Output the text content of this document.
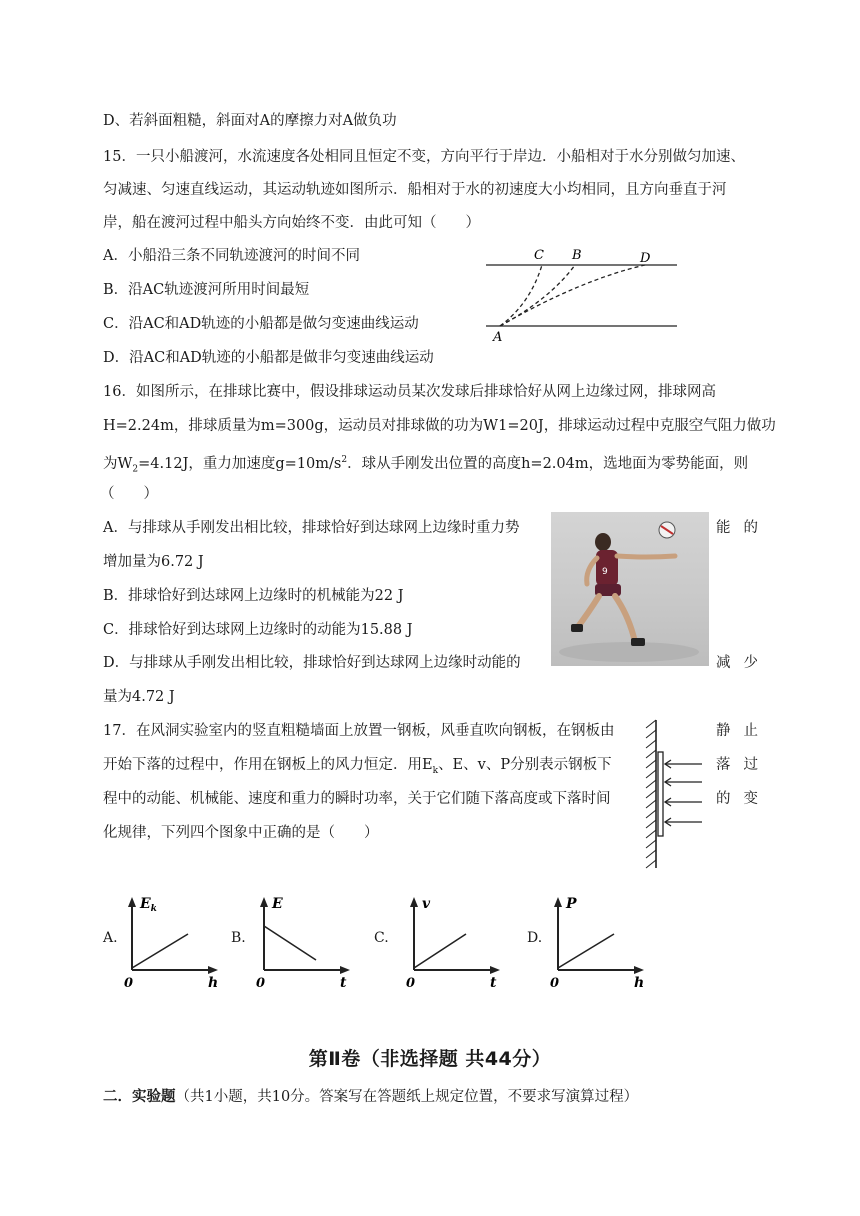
D、若斜面粗糙，斜面对A的摩擦力对A做负功
15．一只小船渡河，水流速度各处相同且恒定不变，方向平行于岸边．小船相对于水分别做匀加速、
匀减速、匀速直线运动，其运动轨迹如图所示．船相对于水的初速度大小均相同，且方向垂直于河
岸，船在渡河过程中船头方向始终不变．由此可知（　　）
A．小船沿三条不同轨迹渡河的时间不同
B．沿AC轨迹渡河所用时间最短
C．沿AC和AD轨迹的小船都是做匀变速曲线运动
D．沿AC和AD轨迹的小船都是做非匀变速曲线运动
C B	D
A
16．如图所示，在排球比赛中，假设排球运动员某次发球后排球恰好从网上边缘过网，排球网高
H=2.24m，排球质量为m=300g，运动员对排球做的功为W1=20J，排球运动过程中克服空气阻力做功
为$W_2=4.12J$，重力加速度$g=10m/s^2$．球从手刚发出位置的高度h=2.04m，选地面为零势能面，则
（　　）
A．与排球从手刚发出相比较，排球恰好到达球网上边缘时重力势	能 的
增加量为6.72 J
B．排球恰好到达球网上边缘时的机械能为22 J
C．排球恰好到达球网上边缘时的动能为15.88 J
D．与排球从手刚发出相比较，排球恰好到达球网上边缘时动能的	减 少
量为4.72 J
9
17．在风洞实验室内的竖直粗糙墙面上放置一钢板，风垂直吹向钢板，在钢板由	静 止
开始下落的过程中，作用在钢板上的风力恒定．用$E_k$、E、v、P分别表示钢板下	落 过
程中的动能、机械能、速度和重力的瞬时功率，关于它们随下落高度或下落时间	的 变
化规律，下列四个图象中正确的是（　　）
A.	B.	C.	D.
$E_k$
h
0
E
t
0
v
t
0
P
h
0
第Ⅱ卷（非选择题 共44分）
二．实验题（共1小题，共10分。答案写在答题纸上规定位置，不要求写演算过程）
